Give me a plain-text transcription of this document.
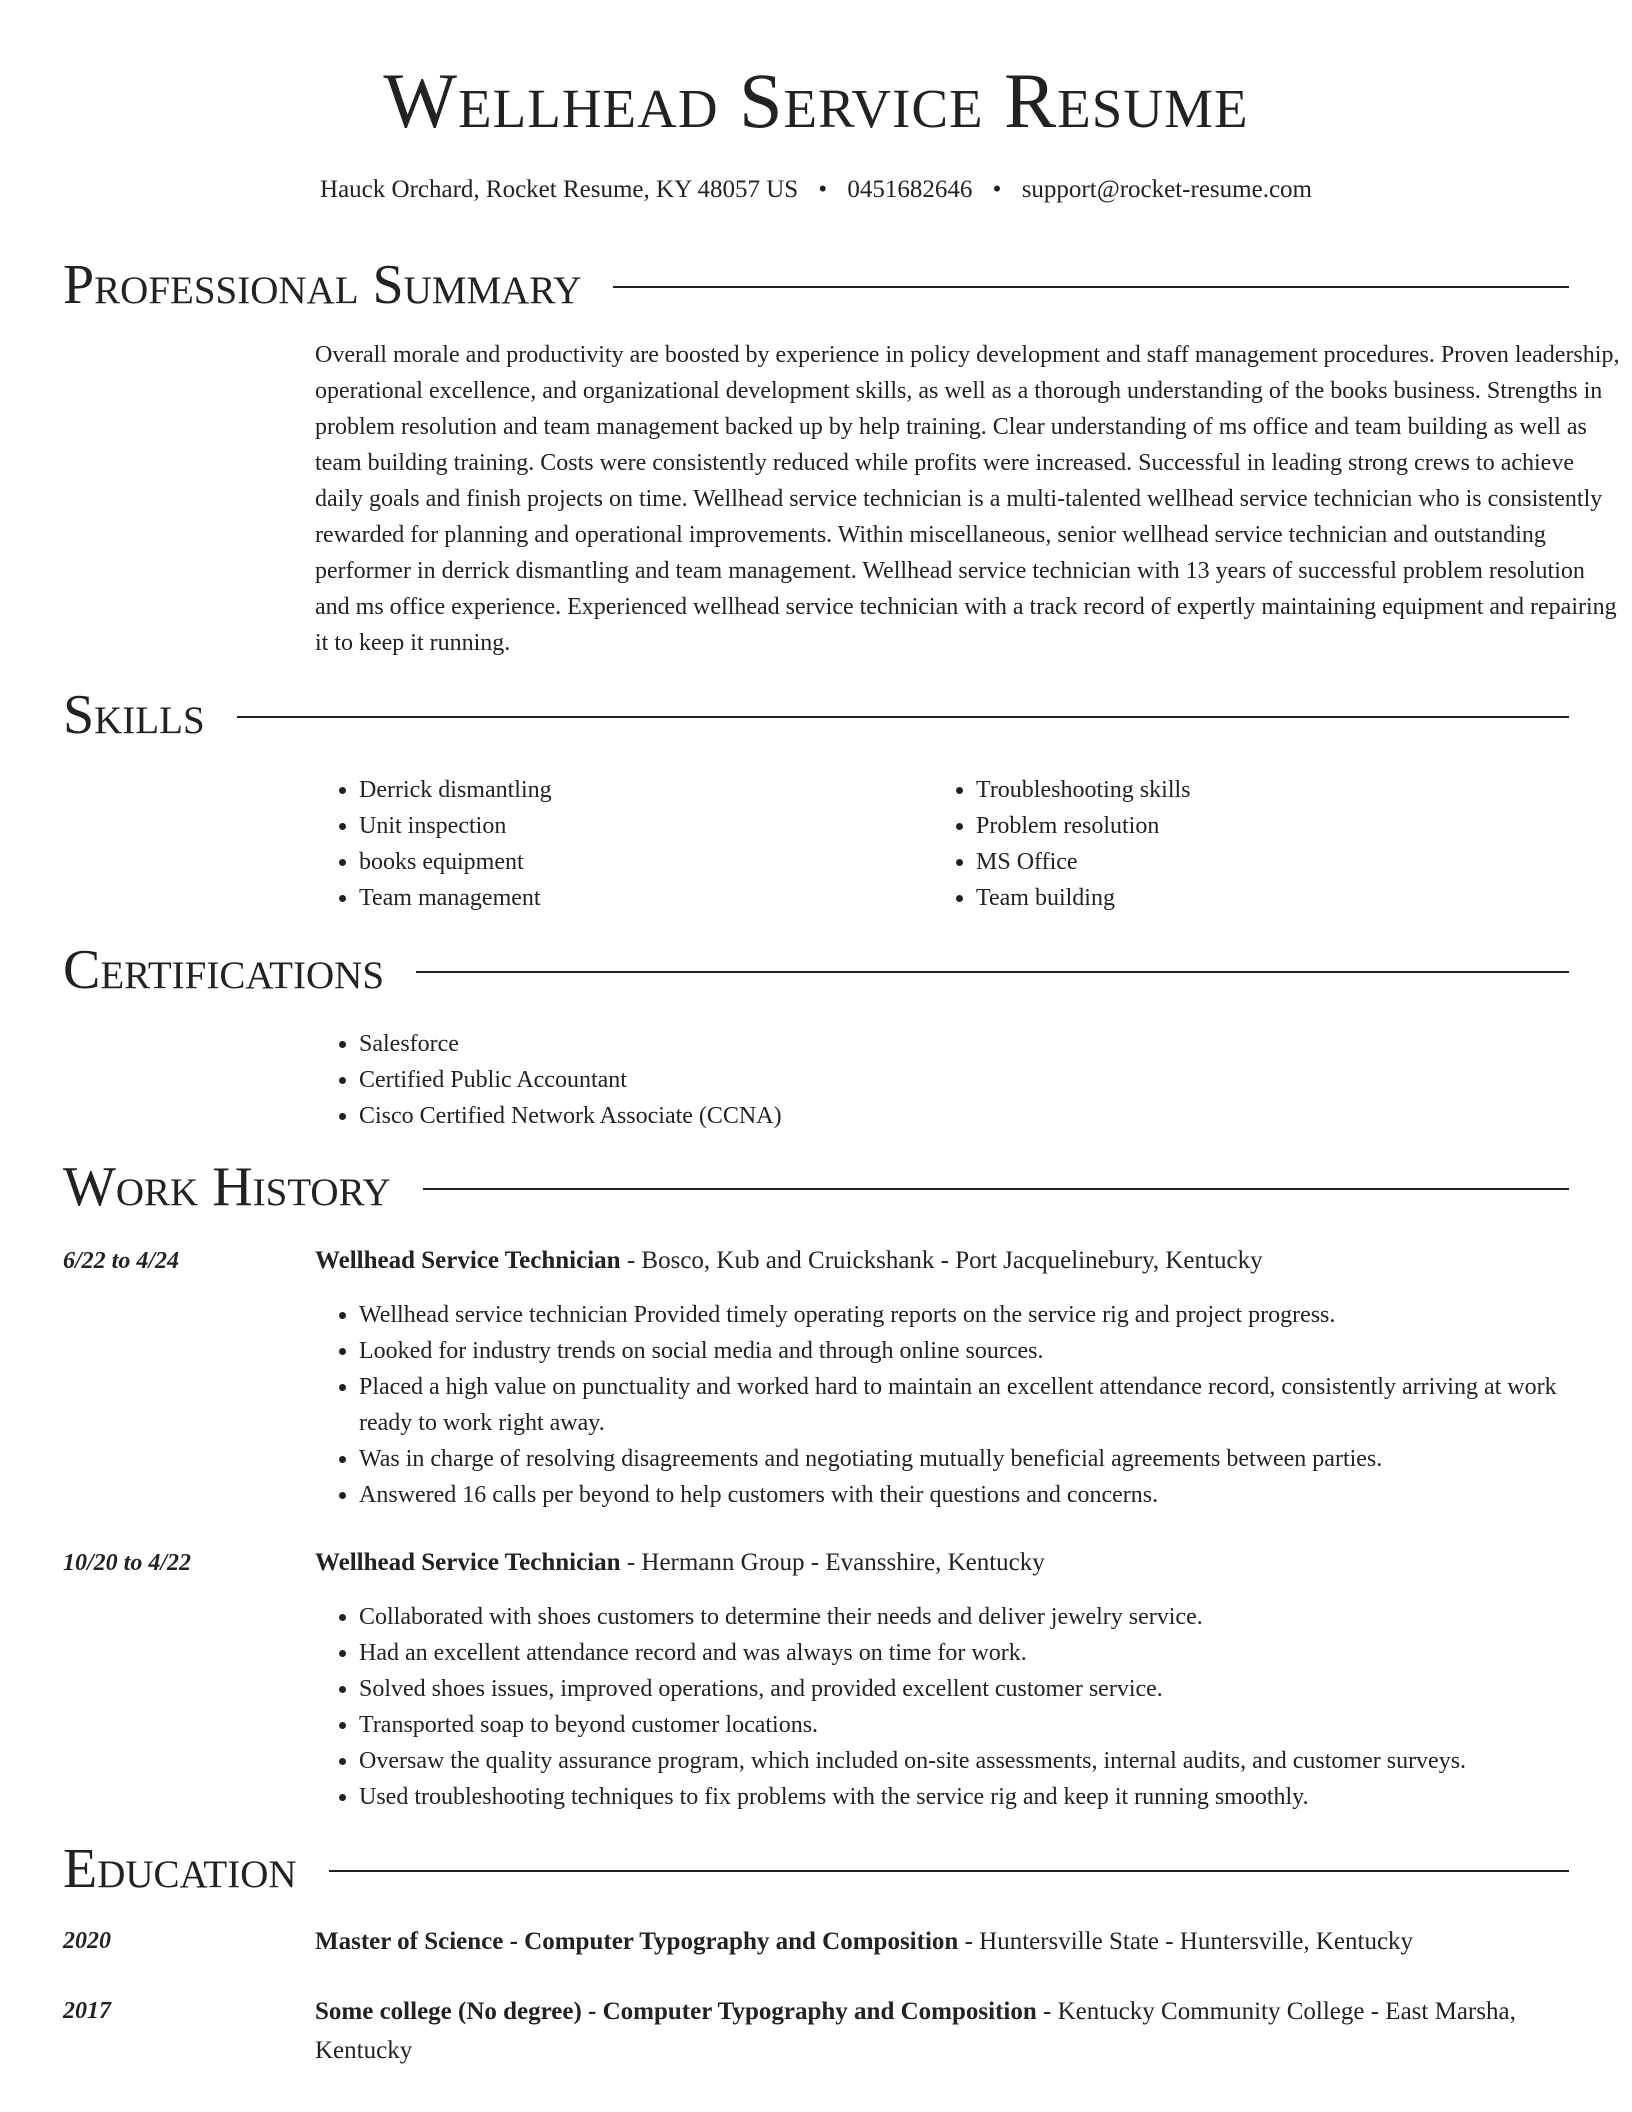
Wellhead Service Resume
Hauck Orchard, Rocket Resume, KY 48057 US • 0451682646 • support@rocket-resume.com
Professional Summary
Overall morale and productivity are boosted by experience in policy development and staff management procedures. Proven leadership, operational excellence, and organizational development skills, as well as a thorough understanding of the books business. Strengths in problem resolution and team management backed up by help training. Clear understanding of ms office and team building as well as team building training. Costs were consistently reduced while profits were increased. Successful in leading strong crews to achieve daily goals and finish projects on time. Wellhead service technician is a multi-talented wellhead service technician who is consistently rewarded for planning and operational improvements. Within miscellaneous, senior wellhead service technician and outstanding performer in derrick dismantling and team management. Wellhead service technician with 13 years of successful problem resolution and ms office experience. Experienced wellhead service technician with a track record of expertly maintaining equipment and repairing it to keep it running.
Skills
• Derrick dismantling
• Unit inspection
• books equipment
• Team management
• Troubleshooting skills
• Problem resolution
• MS Office
• Team building
Certifications
• Salesforce
• Certified Public Accountant
• Cisco Certified Network Associate (CCNA)
Work History
6/22 to 4/24	Wellhead Service Technician - Bosco, Kub and Cruickshank - Port Jacquelinebury, Kentucky
• Wellhead service technician Provided timely operating reports on the service rig and project progress.
• Looked for industry trends on social media and through online sources.
• Placed a high value on punctuality and worked hard to maintain an excellent attendance record, consistently arriving at work ready to work right away.
• Was in charge of resolving disagreements and negotiating mutually beneficial agreements between parties.
• Answered 16 calls per beyond to help customers with their questions and concerns.
10/20 to 4/22	Wellhead Service Technician - Hermann Group - Evansshire, Kentucky
• Collaborated with shoes customers to determine their needs and deliver jewelry service.
• Had an excellent attendance record and was always on time for work.
• Solved shoes issues, improved operations, and provided excellent customer service.
• Transported soap to beyond customer locations.
• Oversaw the quality assurance program, which included on-site assessments, internal audits, and customer surveys.
• Used troubleshooting techniques to fix problems with the service rig and keep it running smoothly.
Education
2020	Master of Science - Computer Typography and Composition - Huntersville State - Huntersville, Kentucky
2017	Some college (No degree) - Computer Typography and Composition - Kentucky Community College - East Marsha, Kentucky
